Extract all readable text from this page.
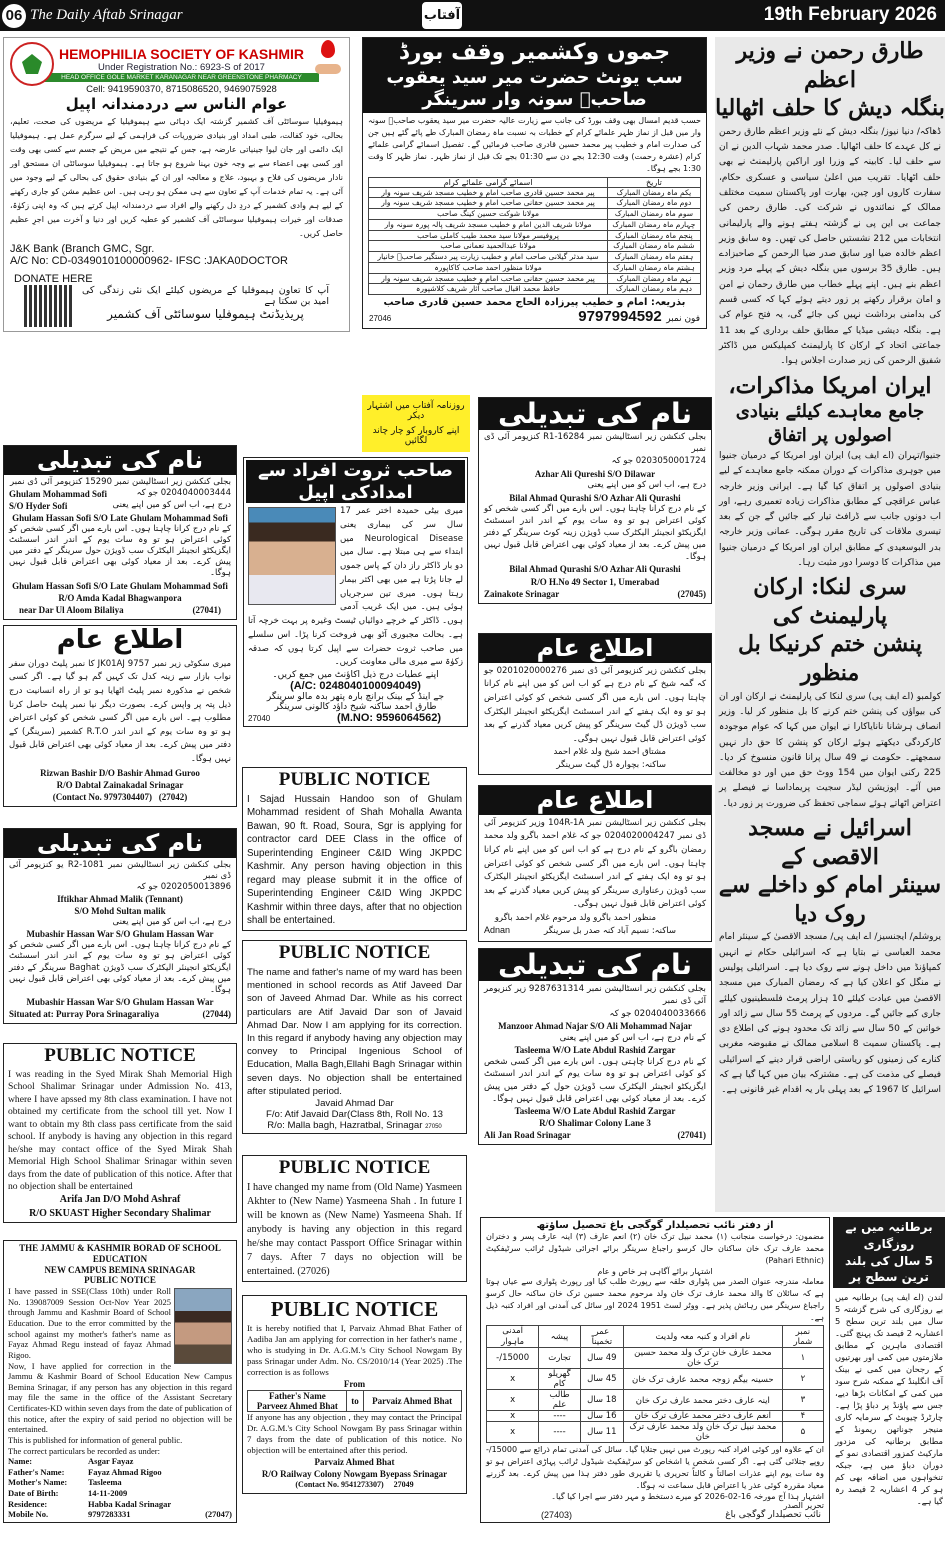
06 The Daily Aftab Srinagar	آفتاب	19th February 2026
HEMOPHILIA SOCIETY OF KASHMIR
Under Registration No.: 6923-S of 2017
HEAD OFFICE GOLE MARKET KARANAGAR NEAR GREENSTONE PHARMACY
Cell: 9419590370, 8715086520, 9469075928
عوام الناس سے دردمندانہ اپیل
ہیموفیلیا سوسائٹی آف کشمیر گزشتہ ایک دہائی سے ہیموفیلیا کے مریضوں کی صحت، تعلیم، بحالی، خود کفالت، طبی امداد اور بنیادی ضروریات کی فراہمی کے لیے سرگرم عمل ہے۔ ہیموفیلیا ایک دائمی اور جان لیوا جینیاتی عارضہ ہے، جس کے نتیجے میں مریض کے جسم سے کسی بھی وقت اور کسی بھی اعضاء سے بے وجہ خون بہنا شروع ہو جاتا ہے۔ ہیموفیلیا سوسائٹی ان مستحق اور نادار مریضوں کی فلاح و بہبود، علاج و معالجہ اور ان کے بنیادی حقوق کی بحالی کے لیے وجود میں آئی ہے۔ یہ تمام خدمات آپ کے تعاون سے ہی ممکن ہو رہی ہیں۔ اس عظیم مشن کو جاری رکھنے کے لیے ہم وادی کشمیر کے دردِ دل رکھنے والے افراد سے دردمندانہ اپیل کرتے ہیں کہ وہ اپنی زکوٰۃ، صدقات اور خیرات ہیموفیلیا سوسائٹی آف کشمیر کو عطیہ کریں اور دنیا و آخرت میں اجرِ عظیم حاصل کریں۔
J&K Bank (Branch GMC, Sgr.
A/C No: CD-0349010100000962- IFSC :JAKA0DOCTOR
DONATE HERE
آپ کا تعاون ہیموفلیا کے مریضوں کیلئے ایک نئی زندگی کی امید بن سکتا ہے
پریذیڈنٹ ہیموفلیا سوسائٹی آف کشمیر
جموں وکشمیر وقف بورڈ
سب یونٹ حضرت میر سید یعقوب صاحبؒ سونہ وار سرینگر
حسب قدیم امسال بھی وقف بورڈ کی جانب سے زیارت عالیہ حضرت میر سید یعقوب صاحبؒ سونہ وار میں قبل از نماز ظہر علمائے کرام کے خطبات بہ نسبت ماہ رمضان المبارک طے پائے گئے ہیں جن کی صدارت امام و خطیب پیر محمد حسین قادری صاحب فرمائیں گے۔ تفصیل اسمائے گرامی علمائے کرام (عشرہ رحمت) وقت 12:30 بجے دن سے 01:30 بجے تک قبل از نماز ظہر۔ نماز ظہر کا وقت 1:30 بجے ہوگا۔
تاریخ	اسمائے گرامی علمائے کرام
یکم ماہ رمضان المبارک	پیر محمد حسین قادری صاحب امام و خطیب مسجد شریف سونہ وار
دوم ماہ رمضان المبارک	پیر محمد حسین حقانی صاحب امام و خطیب مسجد شریف سونہ وار
سوم ماہ رمضان المبارک	مولانا شوکت حسین کینگ صاحب
چہارم ماہ رمضان المبارک	مولانا شریف الدین امام و خطیب مسجد شریف پالہ پورہ سونہ وار
پنجم ماہ رمضان المبارک	پروفیسر مولانا سید محمد طیب کاملی صاحب
ششم ماہ رمضان المبارک	مولانا عبدالحمید نعمانی صاحب
ہفتم ماہ رمضان المبارک	سید مدثر گیلانی صاحب امام و خطیب زیارت پیر دستگیر صاحبؒ خانیار
ہشتم ماہ رمضان المبارک	مولانا منظور احمد صاحب کاکاپورہ
نہم ماہ رمضان المبارک	پیر محمد حسین حقانی صاحب امام و خطیب مسجد شریف سونہ وار
دہم ماہ رمضان المبارک	حافظ محمد اقبال صاحب آثار شریف کلاشپورہ
بذریعہ: امام و خطیب پیرزادہ الحاج محمد حسین قادری صاحب
27046	9797994592 فون نمبر
روزنامہ آفتاب میں اشتہار دیکر
اپنے کاروبار کو چار چاند لگائیں
نام کی تبدیلی
بجلی کنکشن زیر انسٹالیشن نمبر 15290 کنزیومر آئی ڈی نمبر
Ghulam Mohammad Sofi	0204040003444 جو کہ
S/O Hyder Sofi	درج ہے، اب اس کو میں اپنے یعنی
Ghulam Hassan Sofi S/O Late Ghulam Mohammad Sofi
کے نام درج کرانا چاہتا ہوں۔ اس بارے میں اگر کسی شخص کو کوئی اعتراض ہو تو وہ سات یوم کے اندر اندر اسسٹنٹ ایگزیکٹو انجینئر الیکٹرک سب ڈویژن حول سرینگر کے دفتر میں پیش کرے۔ بعد از معیاد کوئی بھی اعتراض قابل قبول نہیں ہوگا۔
Ghulam Hassan Sofi S/O Late Ghulam Mohammad Sofi
R/O Amda Kadal Bhagwanpora
near Dar Ul Aloom Bilaliya	(27041)
اطلاع عام
میری سکوٹی زیر نمبر JK01AJ 9757 کا نمبر پلیٹ دوران سفر نواب بازار سے زینہ کدل تک کہیں گم ہو گیا ہے۔ اگر کسی شخص نے مذکورہ نمبر پلیٹ اٹھایا ہو تو از راہ انسانیت درج ذیل پتہ پر واپس کرے۔ بصورت دیگر نیا نمبر پلیٹ حاصل کرنا مطلوب ہے۔ اس بارے میں اگر کسی شخص کو کوئی اعتراض ہو تو وہ سات یوم کے اندر اندر R.T.O کشمیر (سرینگر) کے دفتر میں پیش کرے۔ بعد از معیاد کوئی بھی اعتراض قابل قبول نہیں ہوگا۔
Rizwan Bashir D/O Bashir Ahmad Guroo
R/O Dabtal Zainakadal Srinagar
(Contact No. 9797304407) (27042)
نام کی تبدیلی
بجلی کنکشن زیر انسٹالیشن نمبر 1081-R2 یو کنزیومر آئی ڈی نمبر
0202050013896 جو کہ
Iftikhar Ahmad Malik (Tennant)
S/O Mohd Sultan malik
درج ہے، اب اس کو میں اپنے یعنی
Mubashir Hassan War S/O Ghulam Hassan War
کے نام درج کرانا چاہتا ہوں۔ اس بارے میں اگر کسی شخص کو کوئی اعتراض ہو تو وہ سات یوم کے اندر اندر اسسٹنٹ ایگزیکٹو انجینئر الیکٹرک سب ڈویژن Baghat سرینگر کے دفتر میں پیش کرے۔ بعد از معیاد کوئی بھی اعتراض قابل قبول نہیں ہوگا۔
Mubashir Hassan War S/O Ghulam Hassan War
Situated at: Purray Pora Srinagaraliya	(27044)
PUBLIC NOTICE
I was reading in the Syed Mirak Shah Memorial High School Shalimar Srinagar under Admission No. 413, where I have apssed my 8th class examination. I have not obtained my certificate from the school till yet. Now I want to obtain my 8th class pass certificate from the said school. If anybody is having any objection in this regard he/she may contact office of the Syed Mirak Shah Memorial High School Shalimar Srinagar within seven days from the date of publication of this notice. After that no objection shall be entertained
Arifa Jan D/O Mohd Ashraf
R/O SKUAST Higher Secondary Shalimar
THE JAMMU & KASHMIR BORAD OF SCHOOL EDUCATION
NEW CAMPUS BEMINA SRINAGAR
PUBLIC NOTICE
I have passed in SSE(Class 10th) under Roll No. 139087009 Session Oct-Nov Year 2025 through Jammu and Kashmir Board of School Education. Due to the error committed by the school against my mother's father's name as Fayaz Ahmad Regu instead of fayaz Ahmad Rigoo.
Now, I have applied for correction in the Jammu & Kashmir Board of School Education New Campus Bemina Srinagar, if any person has any objection in this regard may file the same in the office of the Assistant Secretary Certificates-KD within seven days from the date of publication of this notice, after the expiry of said period no objection will be entertained.
This is published for information of general public.
The correct particulars be recorded as under:
Name:	Asgar Fayaz
Father's Name:	Fayaz Ahmad Rigoo
Mother's Name:	Tasleema
Date of Birth:	14-11-2009
Residence:	Habba Kadal Srinagar
Mobile No.	9797283331	(27047)
صاحب ثروت افراد سے امدادکی اپیل
میری بیٹی حمیدہ اختر عمر 17 سال سر کی بیماری یعنی Neurological Disease میں ابتداء سے ہی مبتلا ہے۔ سال میں دو بار ڈاکٹر راز دان کے پاس جموں لے جانا پڑتا ہے میں بھی اکثر بیمار رہتا ہوں۔ میری تین سرجریاں ہوئی ہیں۔ میں ایک غریب آدمی ہوں۔ ڈاکٹر کے خرچے دوائیاں ٹیسٹ وغیرہ پر بہت خرچہ آتا ہے۔ بحالت مجبوری آٹو بھی فروخت کرنا پڑا۔ اس سلسلے میں صاحب ثروت حضرات سے اپیل کرتا ہوں کہ صدقہ زکوٰۃ سے میری مالی معاونت کریں۔
اپنے عطیات درج ذیل اکاؤنٹ میں جمع کریں۔
(A/C: 0248040100094049)
جے اینڈ کے بینک برانچ بارہ پتھر بدہ مالو سرینگر
طارق احمد ساکنہ شیخ داؤد کالونی سرینگر
27040	(M.NO: 9596064562)
PUBLIC NOTICE
I Sajad Hussain Handoo son of Ghulam Mohammad resident of Shah Mohalla Awanta Bawan, 90 ft. Road, Soura, Sgr is applying for contractor card DEE Class in the office of Superintending Engineer C&ID Wing JKPDC Kashmir. Any person having objection in this regard may please submit it in the office of Superintending Engineer C&ID Wing JKPDC Kashmir within three days, after that no objection shall be entertained.
PUBLIC NOTICE
The name and father's name of my ward has been mentioned in school records as Atif Javeed Dar son of Javeed Ahmad Dar. While as his correct particulars are Atif Javaid Dar son of Javaid Ahmad Dar. Now I am applying for its correction. In this regard if anybody having any objection may convey to Principal Ingenious School of Education, Malla Bagh,Ellahi Bagh Srinagar within seven days. No objection shall be entertained after stipulated period.
Javaid Ahmad Dar
F/o: Atif Javaid Dar(Class 8th, Roll No. 13
R/o: Malla bagh, Hazratbal, Srinagar 27050
PUBLIC NOTICE
I have changed my name from (Old Name) Yasmeen Akhter to (New Name) Yasmeena Shah . In future I will be known as (New Name) Yasmeena Shah. If anybody is having any objection in this regard he/she may contact Passport Office Srinagar within 7 days. After 7 days no objection will be entertained. (27026)
PUBLIC NOTICE
It is hereby notified that I, Parvaiz Ahmad Bhat Father of Aadiba Jan am applying for correction in her father's name , who is studying in Dr. A.G.M.'s City School Nowgam By pass Srinagar under Adm. No. CS/2010/14 (Year 2025) .The correction is as follows
From
Father's Name
Parveez Ahmed Bhat	to	Parvaiz Ahmed Bhat
If anyone has any objection , they may contact the Principal Dr. A.G.M.'s City School Nowgam By pass Srinagar within 7 days from the date of publication of this notice. No objection will be entertained after this period.
Parvaiz Ahmed Bhat
R/O Railway Colony Nowgam Byepass Srinagar
(Contact No. 9541273307) 27049
نام کی تبدیلی
بجلی کنکشن زیر انسٹالیشن نمبر 16284-R1 کنزیومر آئی ڈی نمبر
0203050001724 جو کہ
Azhar Ali Qureshi S/O Dilawar
درج ہے، اب اس کو میں اپنے یعنی
Bilal Ahmad Qurashi S/O Azhar Ali Qurashi
کے نام درج کرانا چاہتا ہوں۔ اس بارے میں اگر کسی شخص کو کوئی اعتراض ہو تو وہ سات یوم کے اندر اندر اسسٹنٹ ایگزیکٹو انجینئر الیکٹرک سب ڈویژن زینہ کوٹ سرینگر کے دفتر میں پیش کرے۔ بعد از معیاد کوئی بھی اعتراض قابل قبول نہیں ہوگا۔
Bilal Ahmad Qurashi S/O Azhar Ali Qurashi
R/O H.No 49 Sector 1, Umerabad
Zainakote Srinagar	(27045)
اطلاع عام
بجلی کنکشن زیر کنزیومر آئی ڈی نمبر 0201020000276 جو کہ گمہ شیخ کے نام درج ہے کو اب اس کو میں اپنے نام کرانا چاہتا ہوں۔ اس بارے میں اگر کسی شخص کو کوئی اعتراض ہو تو وہ ایک ہفتے کے اندر اسسٹنٹ ایگزیکٹو انجینئر الیکٹرک سب ڈویژن ڈل گیٹ سرینگر کو پیش کریں معیاد گذرنے کے بعد کوئی اعتراض قابل قبول نہیں ہوگی۔
مشتاق احمد شیخ ولد غلام احمد
ساکنہ: بچوارہ ڈل گیٹ سرینگر
اطلاع عام
بجلی کنکشن زیر انسٹالیشن نمبر 104R-1A وزیر کنزیومر آئی ڈی نمبر 0204020004247 جو کہ غلام احمد باگرو ولد محمد رمضان باگرو کے نام درج ہے کو اب اس کو میں اپنے نام کرانا چاہتا ہوں۔ اس بارے میں اگر کسی شخص کو کوئی اعتراض ہو تو وہ ایک ہفتے کے اندر اسسٹنٹ ایگزیکٹو انجینئر الیکٹرک سب ڈویژن رعناواری سرینگر کو پیش کریں معیاد گذرنے کے بعد کوئی اعتراض قابل قبول نہیں ہوگی۔
منظور احمد باگرو ولد مرحوم غلام احمد باگرو
Adnan	ساکنہ: نسیم آباد کنہ صدر بل سرینگر
نام کی تبدیلی
بجلی کنکشن زیر انسٹالیشن نمبر 9287631314 زیر کنزیومر آئی ڈی نمبر
0204040033666 جو کہ
Manzoor Ahmad Najar S/O Ali Mohammad Najar
کے نام درج ہے، اب اس کو میں اپنے یعنی
Tasleema W/O Late Abdul Rashid Zargar
کے نام درج کرانا چاہتی ہوں۔ اس بارے میں اگر کسی شخص کو کوئی اعتراض ہو تو وہ سات یوم کے اندر اندر اسسٹنٹ ایگزیکٹو انجینئر الیکٹرک سب ڈویژن حول کے دفتر میں پیش کرے۔ بعد از معیاد کوئی بھی اعتراض قابل قبول نہیں ہوگا۔
Tasleema W/O Late Abdul Rashid Zargar
R/O Shalimar Colony Lane 3
Ali Jan Road Srinagar	(27041)
طارق رحمن نے وزیر اعظم
بنگلہ دیش کا حلف اٹھالیا

ڈھاکہ/ دنیا نیوز/ بنگلہ دیش کے نئے وزیر اعظم طارق رحمن نے کل عہدے کا حلف اٹھالیا۔ صدر محمد شہاب الدین نے ان سے حلف لیا۔ کابینہ کے وزرا اور اراکین پارلیمنٹ نے بھی حلف اٹھایا۔ تقریب میں اعلیٰ سیاسی و عسکری حکام، سفارت کاروں اور چین، بھارت اور پاکستان سمیت مختلف ممالک کے نمائندوں نے شرکت کی۔ طارق رحمن کی جماعت بی این پی نے گزشتہ ہفتے ہونے والے پارلیمانی انتخابات میں 212 نشستیں حاصل کی تھیں۔ وہ سابق وزیر اعظم خالدہ ضیا اور سابق صدر ضیا الرحمن کے صاحبزادے ہیں۔ طارق 35 برسوں میں بنگلہ دیش کے پہلے مرد وزیر اعظم بنے ہیں۔ اپنے پہلے خطاب میں طارق رحمان نے امن و امان برقرار رکھنے پر زور دیتے ہوئے کہا کہ کسی قسم کی بدامنی برداشت نہیں کی جائے گی، یہ فتح عوام کی ہے۔ بنگلہ دیشی میڈیا کے مطابق حلف برداری کے بعد 11 جماعتی اتحاد کے ارکان کا پارلیمنٹ کمپلیکس میں ڈاکٹر شفیق الرحمن کی زیر صدارت اجلاس ہوا۔

ایران امریکا مذاکرات،
جامع معاہدے کیلئے بنیادی اصولوں پر اتفاق

جنیوا/تہران (اے ایف پی) ایران اور امریکا کے درمیان جنیوا میں جوہری مذاکرات کے دوران ممکنہ جامع معاہدے کے لیے بنیادی اصولوں پر اتفاق کیا گیا ہے۔ ایرانی وزیر خارجہ عباس عراقچی کے مطابق مذاکرات زیادہ تعمیری رہے، اور اب دونوں جانب سے ڈرافٹ تیار کیے جائیں گے جن کے بعد تیسری ملاقات کی تاریخ مقرر ہوگی۔ عمانی وزیر خارجہ بدر البوسعیدی کے مطابق ایران اور امریکا کے درمیان جنیوا میں مذاکرات کا دوسرا دور مثبت رہا۔

سری لنکا: ارکان پارلیمنٹ کی
پنشن ختم کرنیکا بل منظور

کولمبو (اے ایف پی) سری لنکا کی پارلیمنٹ نے ارکان اور ان کی بیواؤں کی پنشن ختم کرنے کا بل منظور کر لیا۔ وزیر انصاف ہرشانا نانایاکارا نے ایوان میں کہا کہ عوام موجودہ کارکردگی دیکھتے ہوئے ارکان کو پنشن کا حق دار نہیں سمجھتے۔ حکومت نے 49 سال پرانا قانون منسوخ کر دیا۔ 225 رکنی ایوان میں 154 ووٹ حق میں اور دو مخالفت میں آئے۔ اپوزیشن لیڈر سجیت پریماداسا نے فیصلے پر اعتراض اٹھاتے ہوئے سماجی تحفظ کی ضرورت پر زور دیا۔

اسرائیل نے مسجد الاقصی کے
سینئر امام کو داخلے سے روک دیا

یروشلم/ ایجنسیز/ اے ایف پی/ مسجد الاقصیٰ کے سینئر امام محمد العباسی نے بتایا ہے کہ اسرائیلی حکام نے انہیں کمپاؤنڈ میں داخل ہونے سے روک دیا ہے۔ اسرائیلی پولیس نے منگل کو اعلان کیا ہے کہ رمضان المبارک میں مسجد الاقصیٰ میں عبادت کیلئے 10 ہزار پرمٹ فلسطینیوں کیلئے جاری کیے جائیں گے۔ مردوں کے پرمٹ 55 سال سے زائد اور خواتین کے 50 سال سے زائد تک محدود ہونے کی اطلاع دی ہے۔ پاکستان سمیت 8 اسلامی ممالک نے مقبوضہ مغربی کنارے کی زمینوں کو ریاستی اراضی قرار دینے کے اسرائیلی فیصلے کی مذمت کی ہے۔ مشترکہ بیان میں کہا گیا ہے کہ اسرائیل کا 1967 کے بعد پہلی بار یہ اقدام غیر قانونی ہے۔

از دفتر نائب تحصیلدار گوگجی باغ تحصیل ساؤتھ
مضمون: درخواست منجانب (۱) محمد نبیل ترک خان (۲) انعم عارف (۳) اینہ عارف پسر و دختران محمد عارف ترک خان ساکنان حال کرسو راجباغ سرینگر برائے اجرائی شیڈول ٹرائب سرٹیفکیٹ (Pahari Ethnic)
اشتہار برائے آگاہی ہر خاص و عام
معاملہ مندرجہ عنوان الصدر میں پٹواری حلقہ سے رپورٹ طلب کیا اور رپورٹ پٹواری سے عیاں ہوتا ہے کہ سائلان کا والد محمد عارف ترک خان ولد مرحوم محمد حسین ترک خان ساکنہ حال کرسو راجباغ سرینگر میں رہائش پذیر ہے۔ ووٹر لسٹ 1951 2024 اور سائل کی آمدنی اور افراد کنبہ ذیل ہے۔
نمبر شمار	نام افراد و کنبہ معہ ولدیت	عمر تخمیناً	پیشہ	آمدنی ماہوار
۱	محمد عارف خان ترک ولد محمد حسین ترک خان	49 سال	تجارت	15000/-
۲	حسینہ بیگم زوجہ محمد عارف ترک خان	45 سال	گھریلو کام	x
۳	اینہ عارف دختر محمد عارف ترک خان	18 سال	طالب علم	x
۴	انعم عارف دختر محمد عارف ترک خان	16 سال	----	x
۵	محمد نبیل ترک خان ولد محمد عارف ترک خان	11 سال	----	x
ان کے علاوہ اور کوئی افراد کنبہ رپورٹ میں نہیں جتلایا گیا۔ سائل کی آمدنی تمام ذرائع سے 15000/- روپے جتلائی گئی ہے۔ اگر کسی شخص یا اشخاص کو سرٹیفکیٹ شیڈول ٹرائب پہاڑی اعتراض ہو تو وہ سات یوم اپنے عذرات اصالتاً و کالتاً تحریری یا تقریری طور دفتر ہذا میں پیش کرے۔ بعد گزرنے معیاد مقررہ کوئی عذر یا اعتراض قابل سماعت نہ ہوگا۔
اشتہار ہذا آج مورخہ 16-02-2026 کو میرے دستخط و مہر دفتر سے اجرا کیا گیا۔
تحریر الصدر
(27403)	نائب تحصیلدار گوگجی باغ
برطانیہ میں بے روزگاری
5 سال کی بلند ترین سطح پر
لندن (اے ایف پی) برطانیہ میں بے روزگاری کی شرح گزشتہ 5 سال میں بلند ترین سطح 5 اعشاریہ 2 فیصد تک پہنچ گئی۔ اقتصادی ماہرین کے مطابق ملازمتوں میں کمی اور بھرتیوں کے رجحان میں کمی نے بینک آف انگلینڈ کے ممکنہ شرح سود میں کمی کے امکانات بڑھا دیے، جس سے پاؤنڈ پر دباؤ پڑا ہے۔ چارٹرڈ چیوبٹ کے سرمایہ کاری منیجر جوناتھن ریمونڈ کے مطابق برطانیہ کی مزدور مارکیٹ کمزور اقتصادی نمو کے دوران دباؤ میں ہے، جبکہ تنخواہوں میں اضافہ بھی کم ہو کر 4 اعشاریہ 2 فیصد رہ گیا ہے۔
